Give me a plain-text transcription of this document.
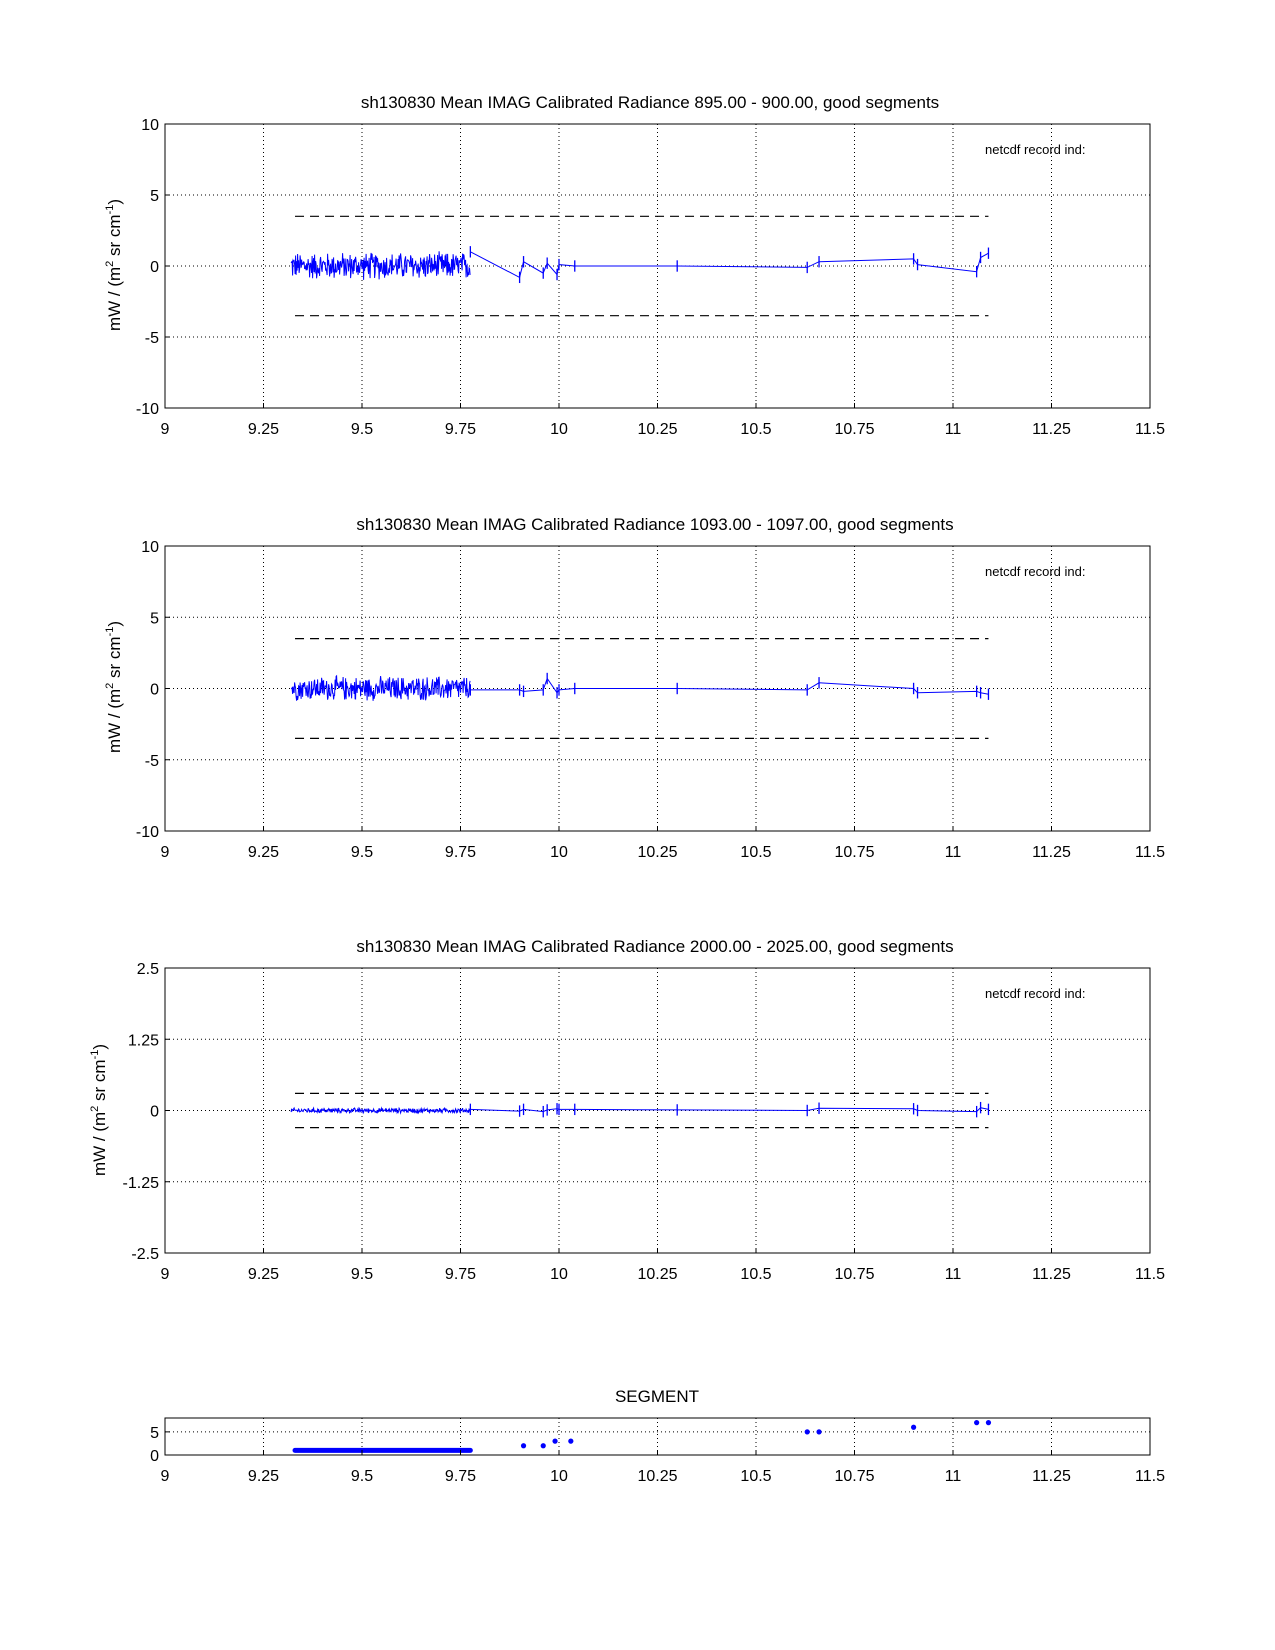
sh130830 Mean IMAG Calibrated Radiance 895.00 - 900.00, good segments
mW / ($m^2$ sr $cm^{-1}$)
9	9.25	9.5	9.75	10	10.25	10.5	10.75	11	11.25	11.5
-10
-5
0
5
10
netcdf record ind:
sh130830 Mean IMAG Calibrated Radiance 1093.00 - 1097.00, good segments
mW / ($m^2$ sr $cm^{-1}$)
9	9.25	9.5	9.75	10	10.25	10.5	10.75	11	11.25	11.5
-10
-5
0
5
10
netcdf record ind:
sh130830 Mean IMAG Calibrated Radiance 2000.00 - 2025.00, good segments
mW / ($m^2$ sr $cm^{-1}$)
9	9.25	9.5	9.75	10	10.25	10.5	10.75	11	11.25	11.5
-2.5
-1.25
0
1.25
2.5
netcdf record ind:
SEGMENT
9	9.25	9.5	9.75	10	10.25	10.5	10.75	11	11.25	11.5
0
5
